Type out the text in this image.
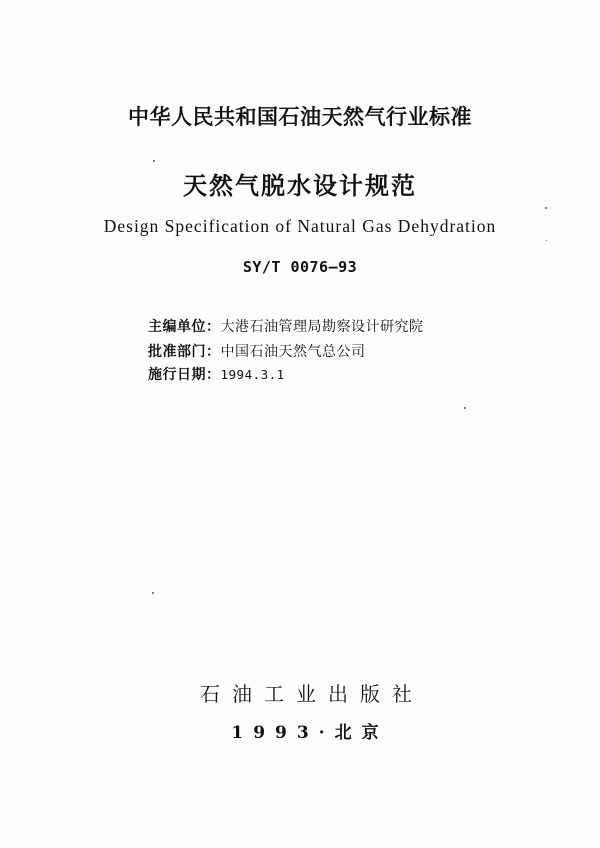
中华人民共和国石油天然气行业标准
天然气脱水设计规范
Design Specification of Natural Gas Dehydration
SY/T 0076—93
主编单位：大港石油管理局勘察设计研究院
批准部门：中国石油天然气总公司
施行日期：1994.3.1
石油工业出版社
1993·北京
